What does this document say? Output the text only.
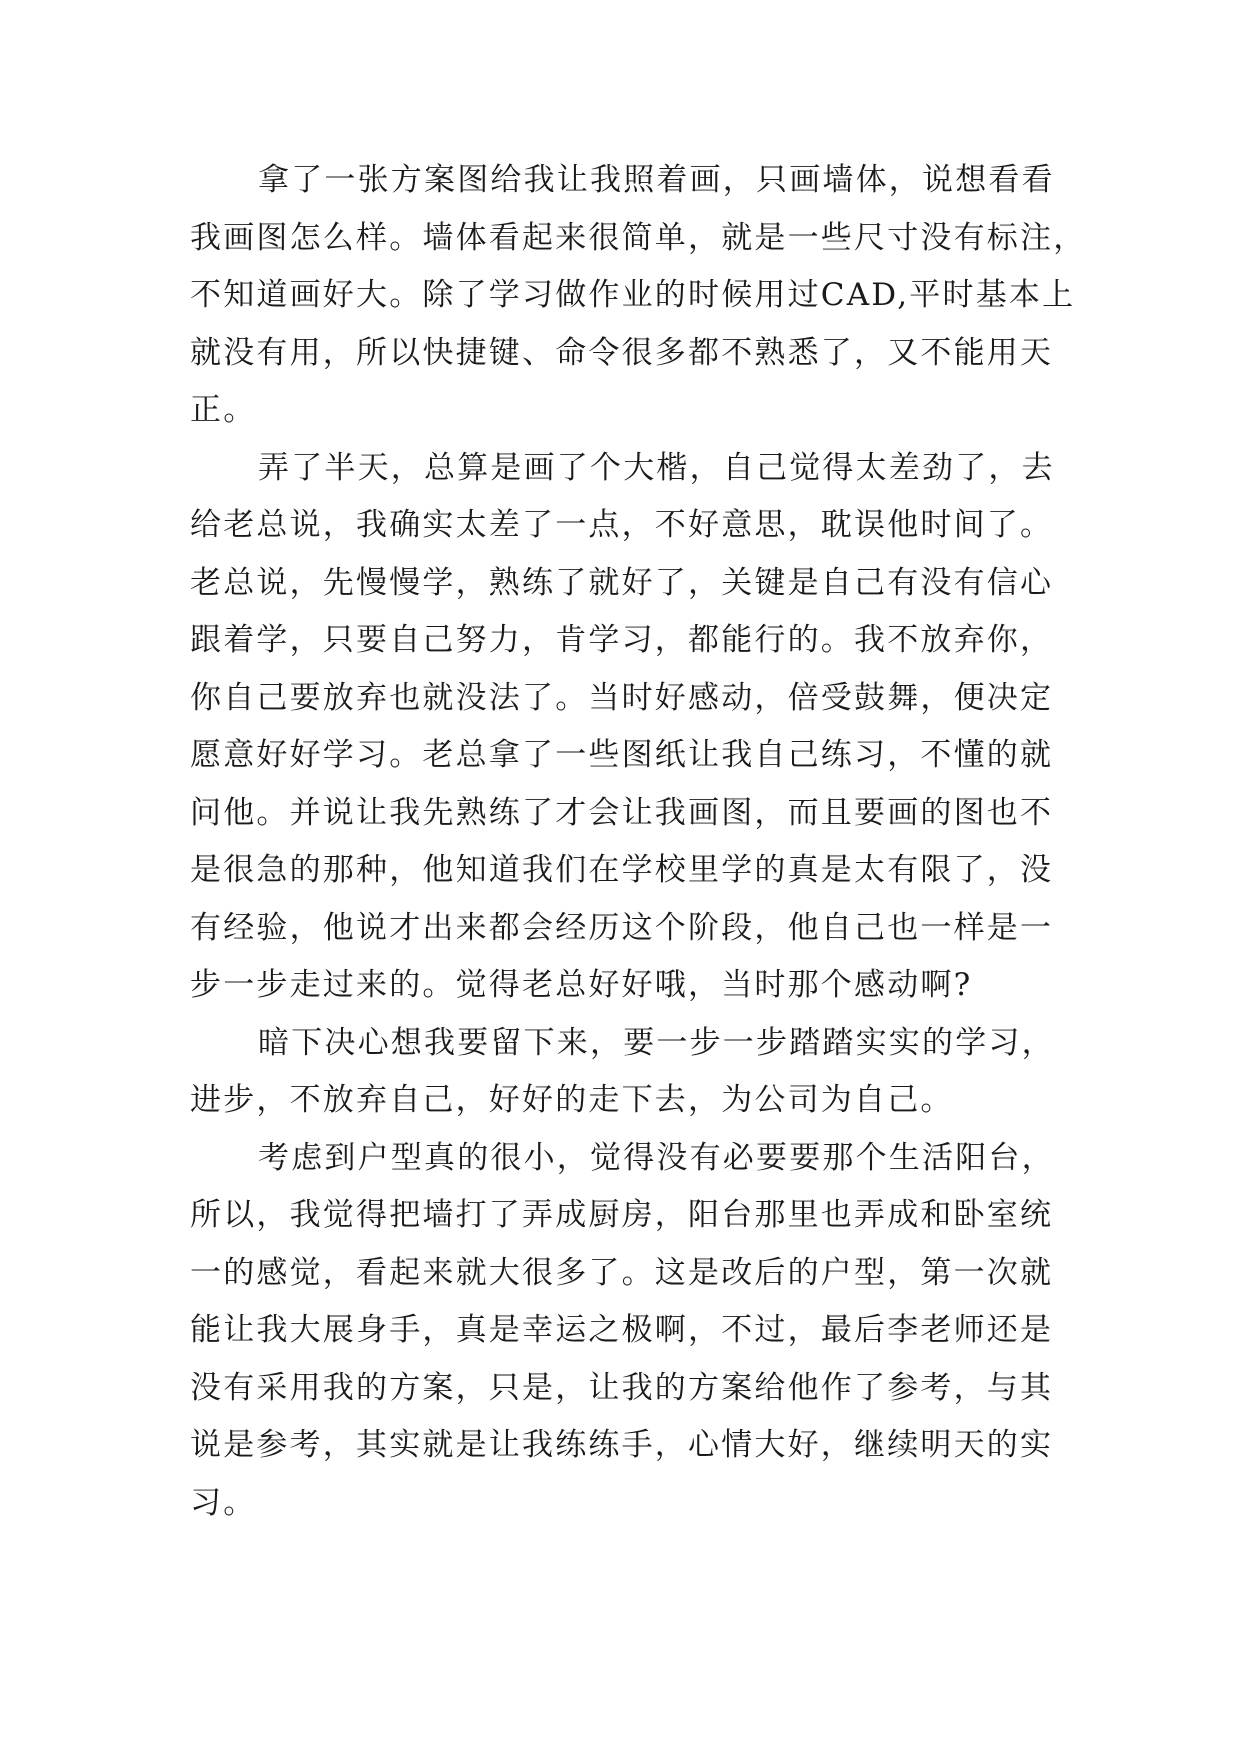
拿了一张方案图给我让我照着画，只画墙体，说想看看
我画图怎么样。墙体看起来很简单，就是一些尺寸没有标注，
不知道画好大。除了学习做作业的时候用过CAD,平时基本上
就没有用，所以快捷键、命令很多都不熟悉了，又不能用天
正。

弄了半天，总算是画了个大楷，自己觉得太差劲了，去
给老总说，我确实太差了一点，不好意思，耽误他时间了。
老总说，先慢慢学，熟练了就好了，关键是自己有没有信心
跟着学，只要自己努力，肯学习，都能行的。我不放弃你，
你自己要放弃也就没法了。当时好感动，倍受鼓舞，便决定
愿意好好学习。老总拿了一些图纸让我自己练习，不懂的就
问他。并说让我先熟练了才会让我画图，而且要画的图也不
是很急的那种，他知道我们在学校里学的真是太有限了，没
有经验，他说才出来都会经历这个阶段，他自己也一样是一
步一步走过来的。觉得老总好好哦，当时那个感动啊?

暗下决心想我要留下来，要一步一步踏踏实实的学习，
进步，不放弃自己，好好的走下去，为公司为自己。

考虑到户型真的很小，觉得没有必要要那个生活阳台，
所以，我觉得把墙打了弄成厨房，阳台那里也弄成和卧室统
一的感觉，看起来就大很多了。这是改后的户型，第一次就
能让我大展身手，真是幸运之极啊，不过，最后李老师还是
没有采用我的方案，只是，让我的方案给他作了参考，与其
说是参考，其实就是让我练练手，心情大好，继续明天的实
习。
